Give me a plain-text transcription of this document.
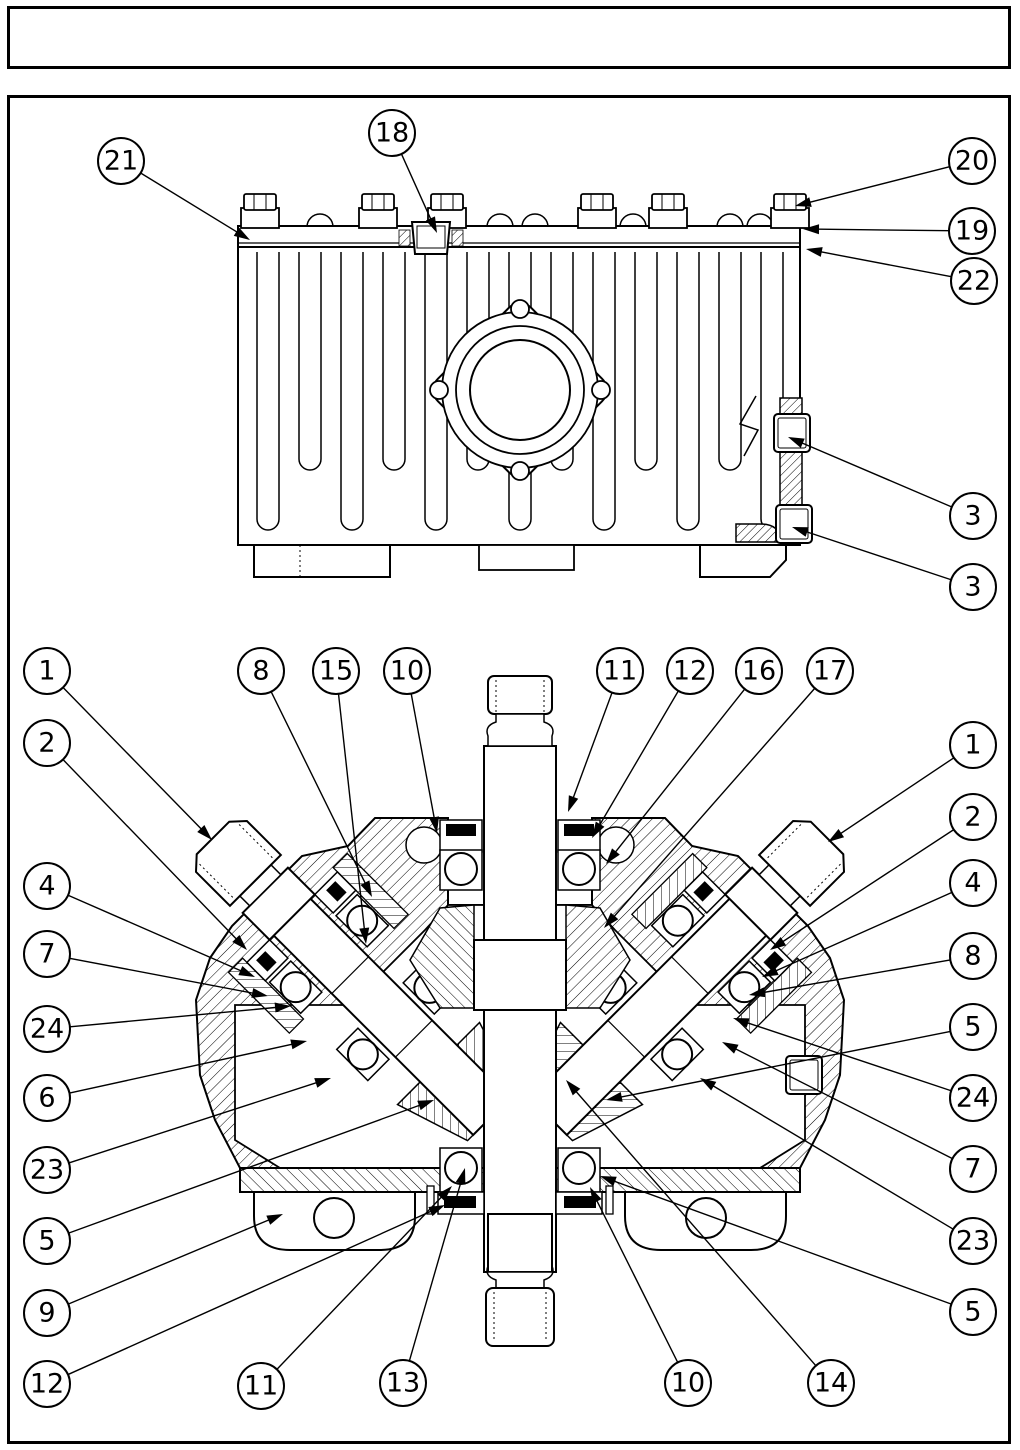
21
18
20
19
22
3
3
1
2
8 15 10	11 12 16 17
1
2
4
7
24
6
23
5
9
12	11	13	10	14
4
8
5
24
7
23
5
